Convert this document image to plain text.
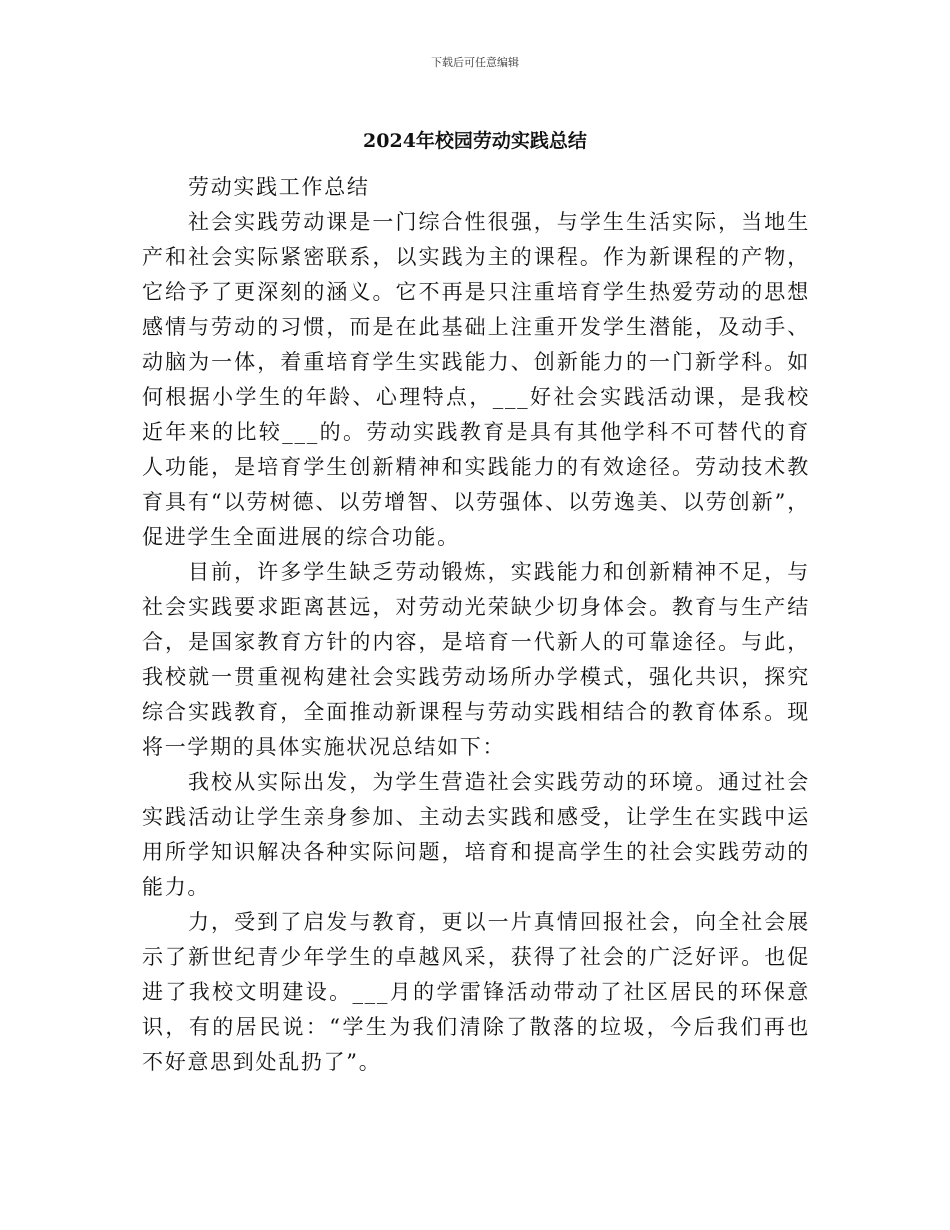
下载后可任意编辑
2024年校园劳动实践总结

劳动实践工作总结

社会实践劳动课是一门综合性很强，与学生生活实际，当地生产和社会实际紧密联系，以实践为主的课程。作为新课程的产物，它给予了更深刻的涵义。它不再是只注重培育学生热爱劳动的思想感情与劳动的习惯，而是在此基础上注重开发学生潜能，及动手、动脑为一体，着重培育学生实践能力、创新能力的一门新学科。如何根据小学生的年龄、心理特点，___好社会实践活动课，是我校近年来的比较___的。劳动实践教育是具有其他学科不可替代的育人功能，是培育学生创新精神和实践能力的有效途径。劳动技术教育具有“以劳树德、以劳增智、以劳强体、以劳逸美、以劳创新”，促进学生全面进展的综合功能。

目前，许多学生缺乏劳动锻炼，实践能力和创新精神不足，与社会实践要求距离甚远，对劳动光荣缺少切身体会。教育与生产结合，是国家教育方针的内容，是培育一代新人的可靠途径。与此，我校就一贯重视构建社会实践劳动场所办学模式，强化共识，探究综合实践教育，全面推动新课程与劳动实践相结合的教育体系。现将一学期的具体实施状况总结如下：

我校从实际出发，为学生营造社会实践劳动的环境。通过社会实践活动让学生亲身参加、主动去实践和感受，让学生在实践中运用所学知识解决各种实际问题，培育和提高学生的社会实践劳动的能力。

力，受到了启发与教育，更以一片真情回报社会，向全社会展示了新世纪青少年学生的卓越风采，获得了社会的广泛好评。也促进了我校文明建设。___月的学雷锋活动带动了社区居民的环保意识，有的居民说：“学生为我们清除了散落的垃圾，今后我们再也不好意思到处乱扔了”。
